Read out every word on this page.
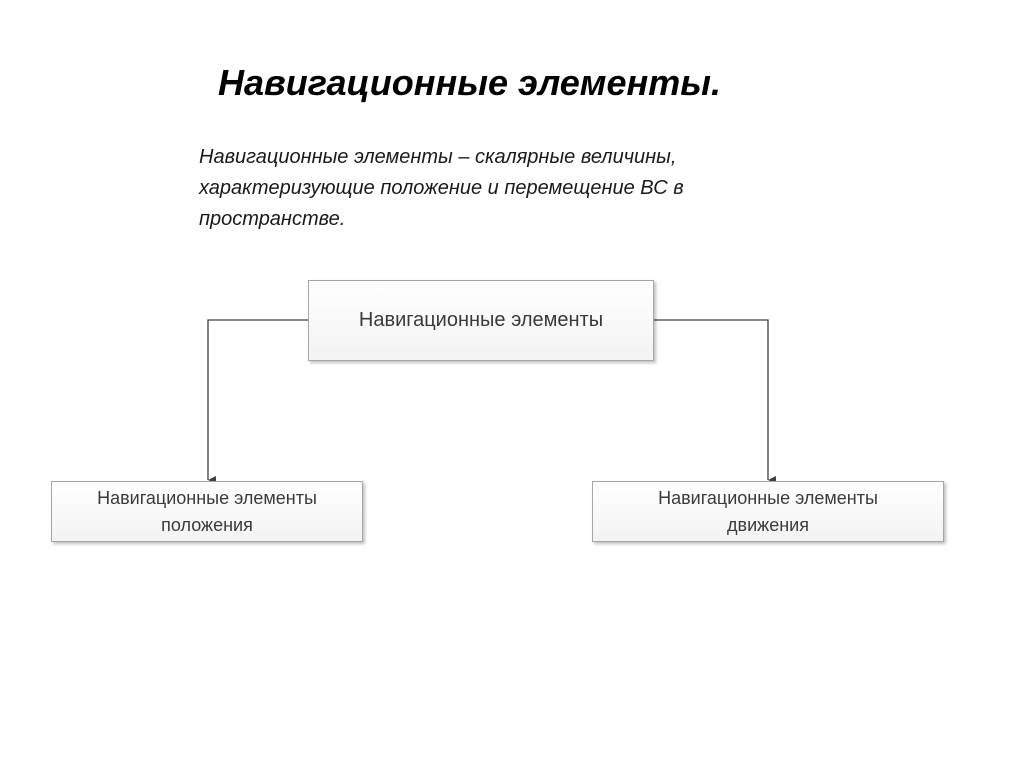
Навигационные элементы.
Навигационные элементы – скалярные величины,
характеризующие положение и перемещение ВС в
пространстве.
Навигационные элементы
Навигационные элементы
положения
Навигационные элементы
движения
